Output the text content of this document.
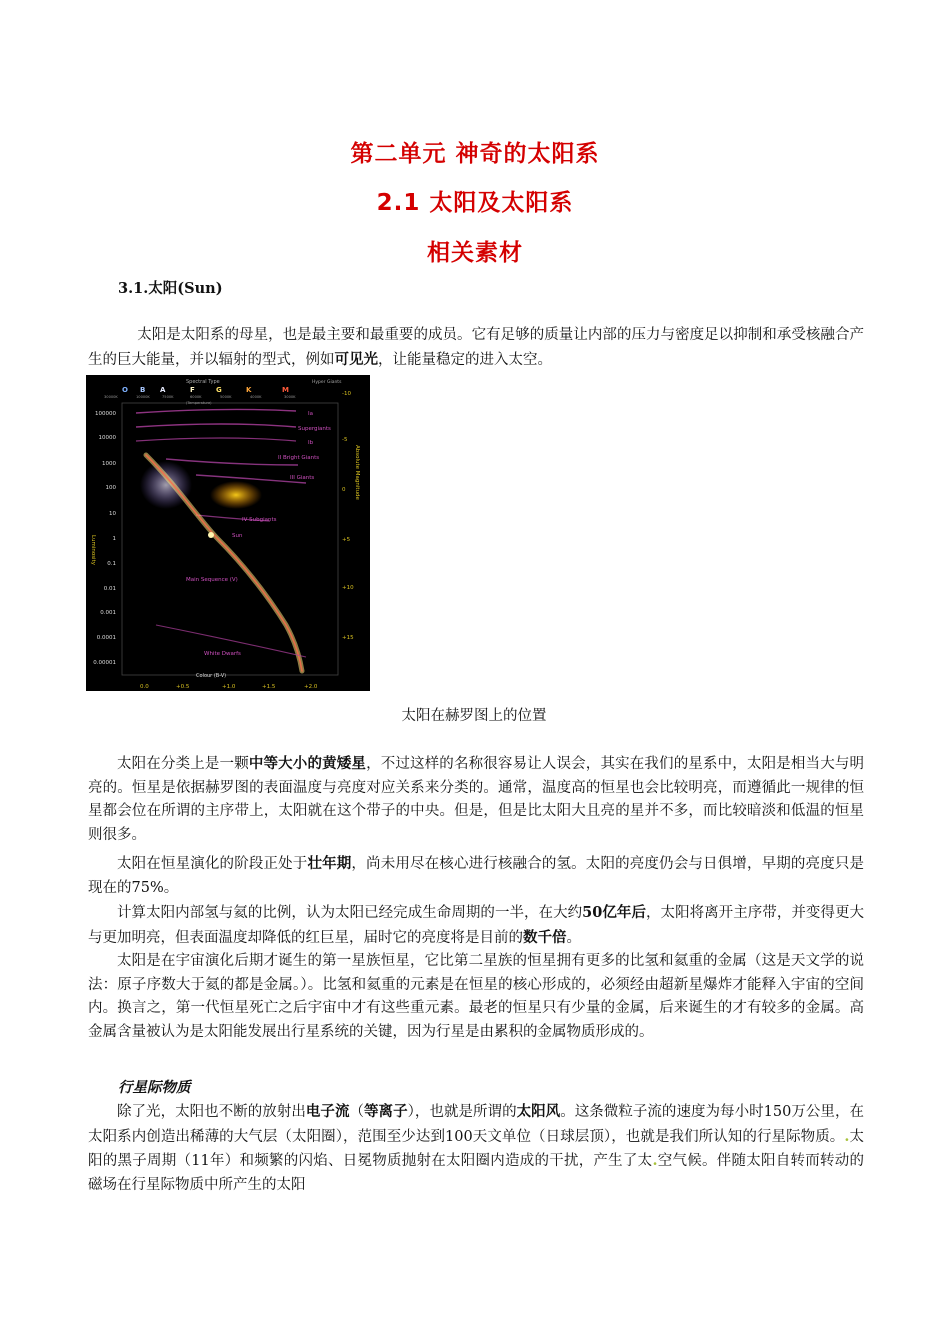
第二单元 神奇的太阳系
2.1 太阳及太阳系
相关素材
3.1.太阳(Sun)

太阳是太阳系的母星，也是最主要和最重要的成员。它有足够的质量让内部的压力与密度足以抑制和承受核融合产生的巨大能量，并以辐射的型式，例如可见光，让能量稳定的进入太空。

Spectral Type	Hyper Giants
O B A	F	G	K	M
30000K	10000K	7500K	6000K	5000K	4000K	3000K
(Temperature)
100000
10000
1000
100
10
1
0.1
0.01
0.001
0.0001
0.00001
Luminosity
-10
-5
0
+5
+10
+15
Absolute Magnitude
Ia
Supergiants
Ib
II Bright Giants
III Giants
IV Subgiants
Sun
Main Sequence (V)
White Dwarfs
Colour (B-V)
0.0	+0.5	+1.0	+1.5	+2.0
太阳在赫罗图上的位置

太阳在分类上是一颗中等大小的黄矮星，不过这样的名称很容易让人误会，其实在我们的星系中，太阳是相当大与明亮的。恒星是依据赫罗图的表面温度与亮度对应关系来分类的。通常，温度高的恒星也会比较明亮，而遵循此一规律的恒星都会位在所谓的主序带上，太阳就在这个带子的中央。但是，但是比太阳大且亮的星并不多，而比较暗淡和低温的恒星则很多。

太阳在恒星演化的阶段正处于壮年期，尚未用尽在核心进行核融合的氢。太阳的亮度仍会与日俱增，早期的亮度只是现在的75%。

计算太阳内部氢与氦的比例，认为太阳已经完成生命周期的一半，在大约50亿年后，太阳将离开主序带，并变得更大与更加明亮，但表面温度却降低的红巨星，届时它的亮度将是目前的数千倍。

太阳是在宇宙演化后期才诞生的第一星族恒星，它比第二星族的恒星拥有更多的比氢和氦重的金属（这是天文学的说法：原子序数大于氦的都是金属。）。比氢和氦重的元素是在恒星的核心形成的，必须经由超新星爆炸才能释入宇宙的空间内。换言之，第一代恒星死亡之后宇宙中才有这些重元素。最老的恒星只有少量的金属，后来诞生的才有较多的金属。高金属含量被认为是太阳能发展出行星系统的关键，因为行星是由累积的金属物质形成的。

行星际物质

除了光，太阳也不断的放射出电子流（等离子），也就是所谓的太阳风。这条微粒子流的速度为每小时150万公里，在太阳系内创造出稀薄的大气层（太阳圈），范围至少达到100天文单位（日球层顶），也就是我们所认知的行星际物质。.太阳的黑子周期（11年）和频繁的闪焰、日冕物质抛射在太阳圈内造成的干扰，产生了太.空气候。伴随太阳自转而转动的磁场在行星际物质中所产生的太阳
